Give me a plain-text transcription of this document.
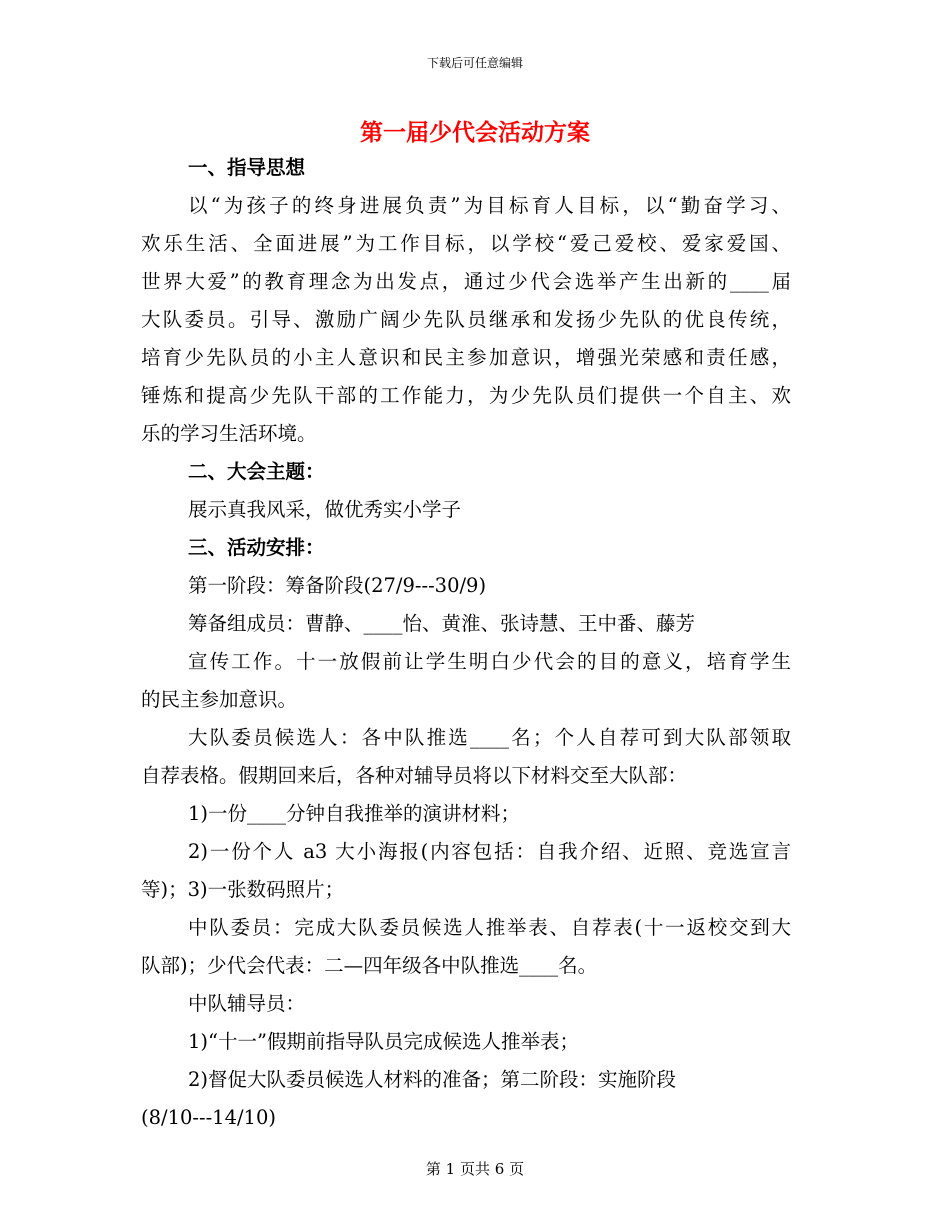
下载后可任意编辑
第一届少代会活动方案
一、指导思想
以“为孩子的终身进展负责”为目标育人目标，以“勤奋学习、
欢乐生活、全面进展”为工作目标，以学校“爱己爱校、爱家爱国、
世界大爱”的教育理念为出发点，通过少代会选举产生出新的____届
大队委员。引导、激励广阔少先队员继承和发扬少先队的优良传统，
培育少先队员的小主人意识和民主参加意识，增强光荣感和责任感，
锤炼和提高少先队干部的工作能力，为少先队员们提供一个自主、欢
乐的学习生活环境。
二、大会主题：
展示真我风采，做优秀实小学子
三、活动安排：
第一阶段：筹备阶段(27/9---30/9)
筹备组成员：曹静、____怡、黄淮、张诗慧、王中番、藤芳
宣传工作。十一放假前让学生明白少代会的目的意义，培育学生
的民主参加意识。
大队委员候选人：各中队推选____名；个人自荐可到大队部领取
自荐表格。假期回来后，各种对辅导员将以下材料交至大队部：
1)一份____分钟自我推举的演讲材料；
2)一份个人 a3 大小海报(内容包括：自我介绍、近照、竞选宣言
等)；3)一张数码照片；
中队委员：完成大队委员候选人推举表、自荐表(十一返校交到大
队部)；少代会代表：二—四年级各中队推选____名。
中队辅导员：
1)“十一”假期前指导队员完成候选人推举表；
2)督促大队委员候选人材料的准备；第二阶段：实施阶段
(8/10---14/10)
第 1 页共 6 页
